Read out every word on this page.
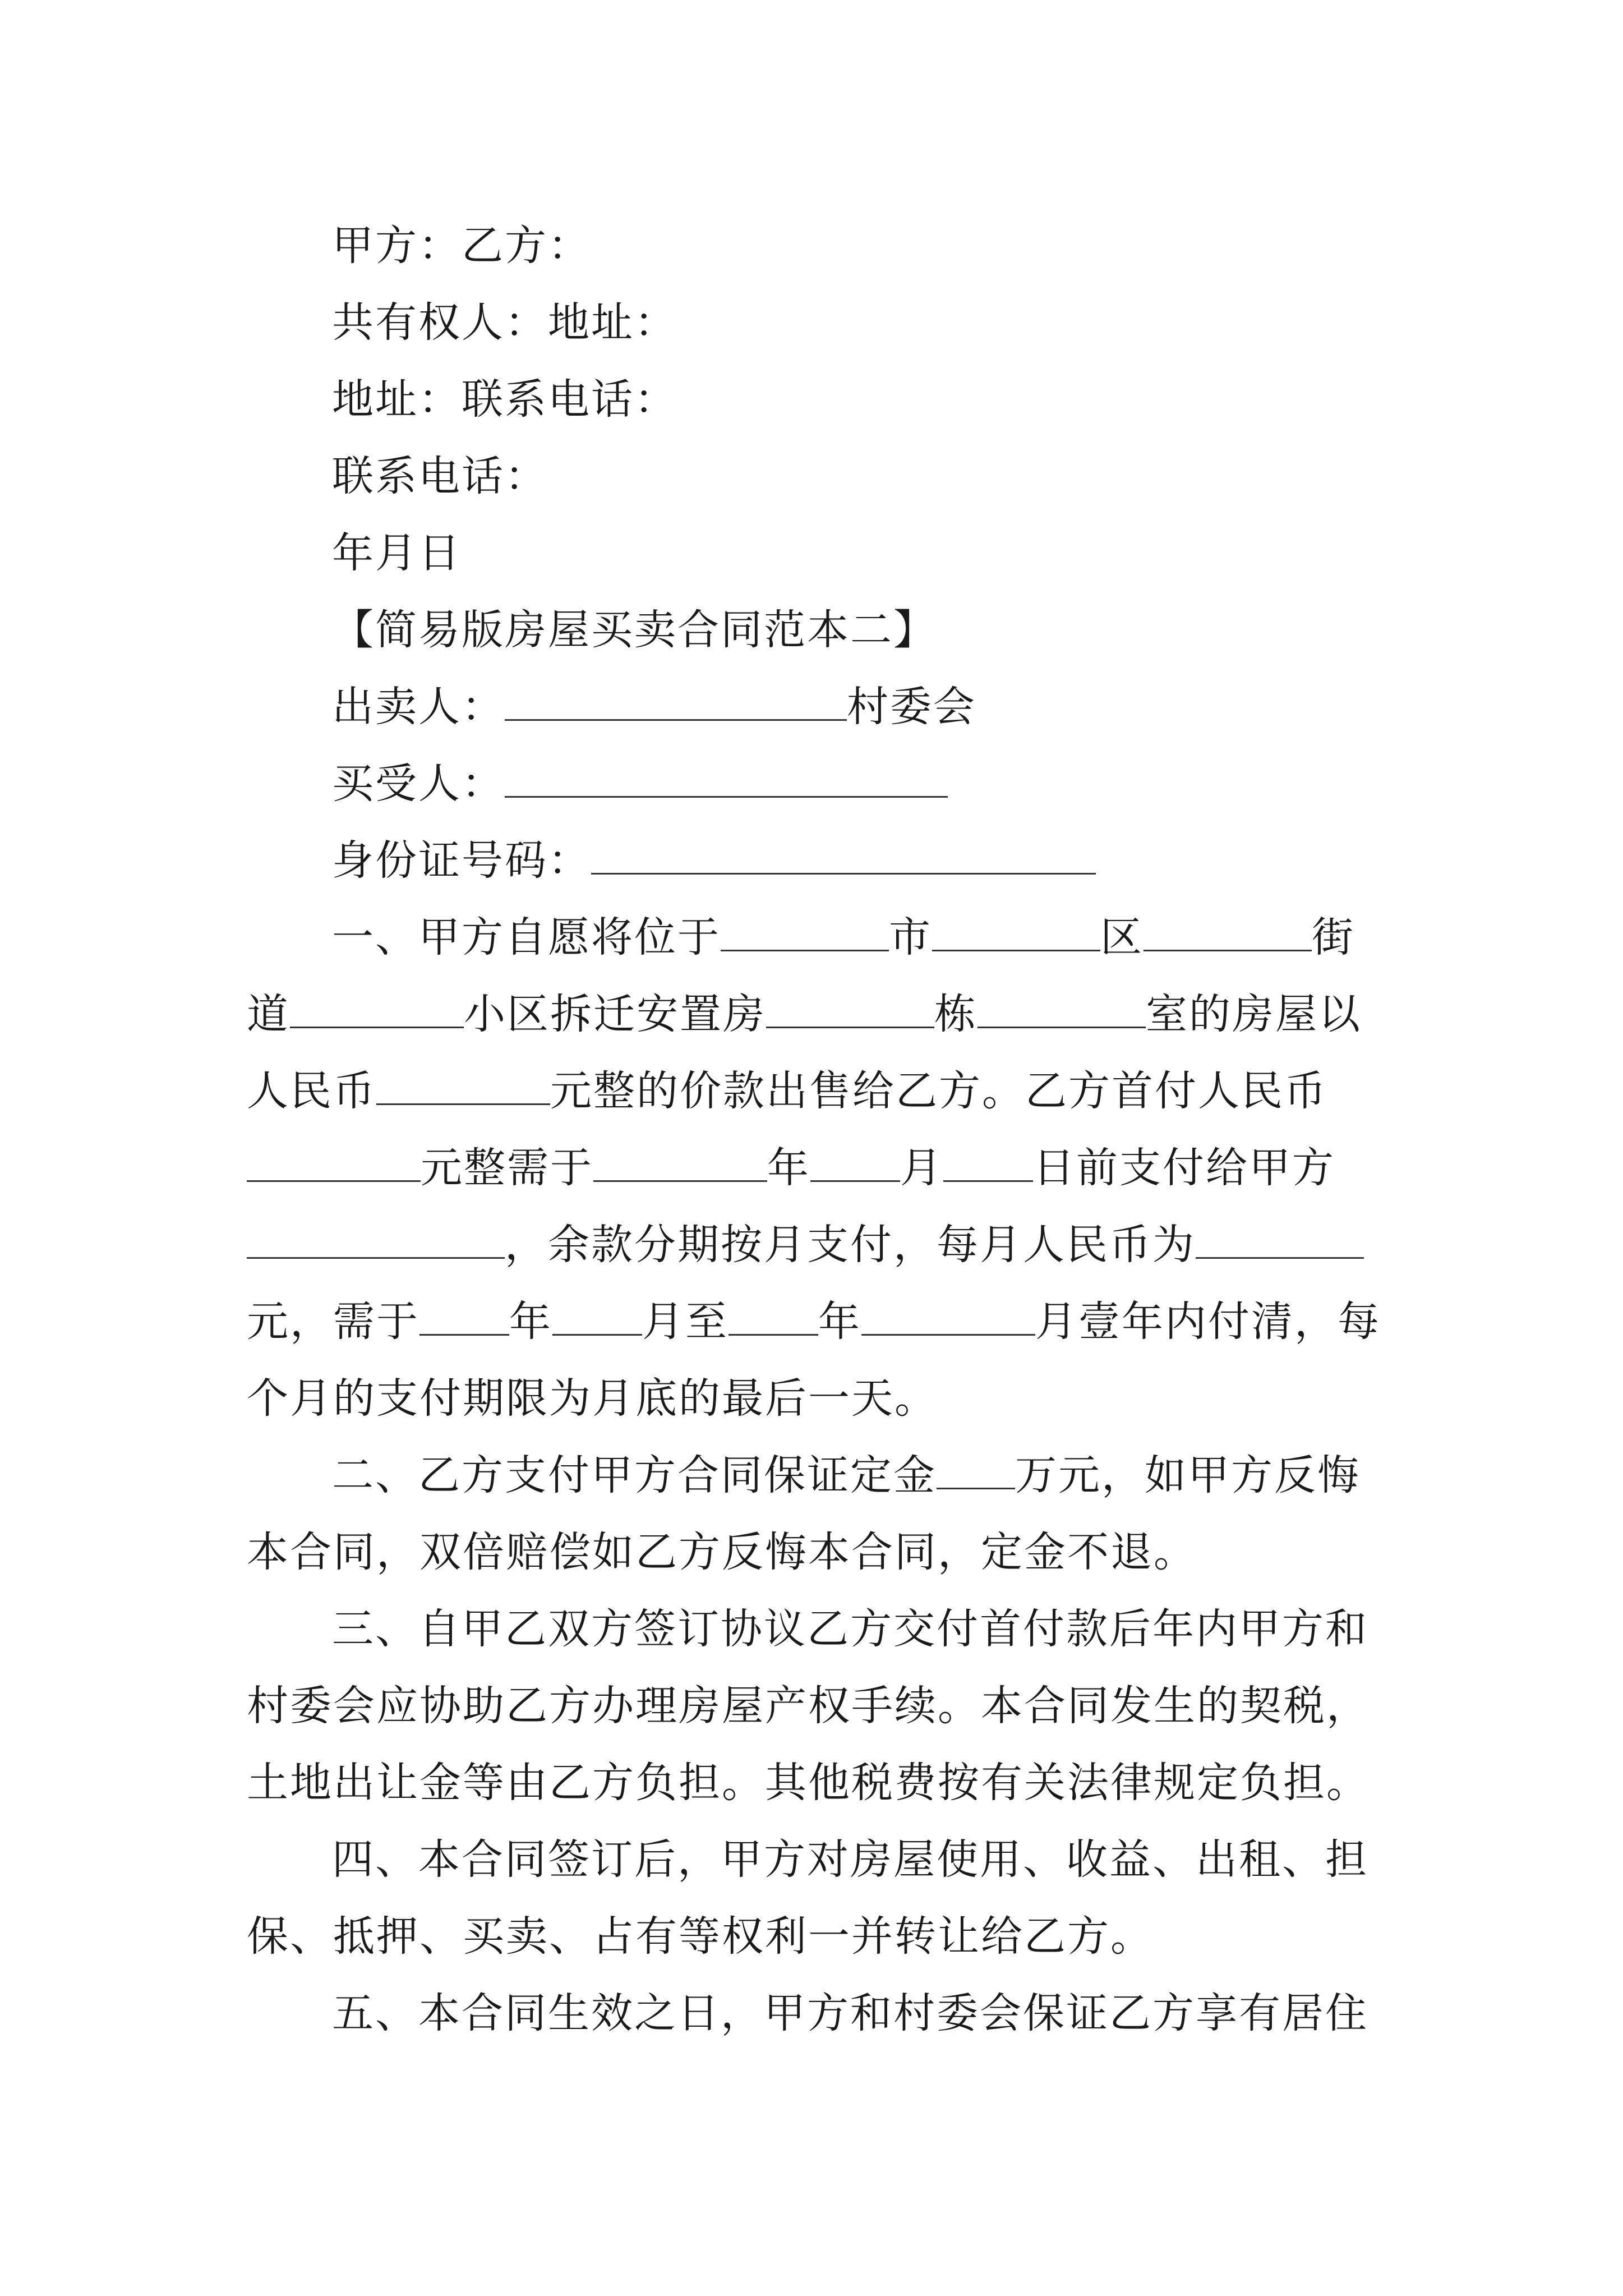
甲方：乙方：
共有权人：地址：
地址：联系电话：
联系电话：
年月日
【简易版房屋买卖合同范本二】
出卖人：	村委会
买受人：
身份证号码：
一、甲方自愿将位于	市	区	街
道	小区拆迁安置房	栋	室的房屋以
人民币	元整的价款出售给乙方。乙方首付人民币
元整需于	年 月 日前支付给甲方
，余款分期按月支付，每月人民币为
元，需于 年 月至 年	月壹年内付清，每
个月的支付期限为月底的最后一天。
二、乙方支付甲方合同保证定金 万元，如甲方反悔
本合同，双倍赔偿如乙方反悔本合同，定金不退。
三、自甲乙双方签订协议乙方交付首付款后年内甲方和
村委会应协助乙方办理房屋产权手续。本合同发生的契税，
土地出让金等由乙方负担。其他税费按有关法律规定负担。
四、本合同签订后，甲方对房屋使用、收益、出租、担
保、抵押、买卖、占有等权利一并转让给乙方。
五、本合同生效之日，甲方和村委会保证乙方享有居住
